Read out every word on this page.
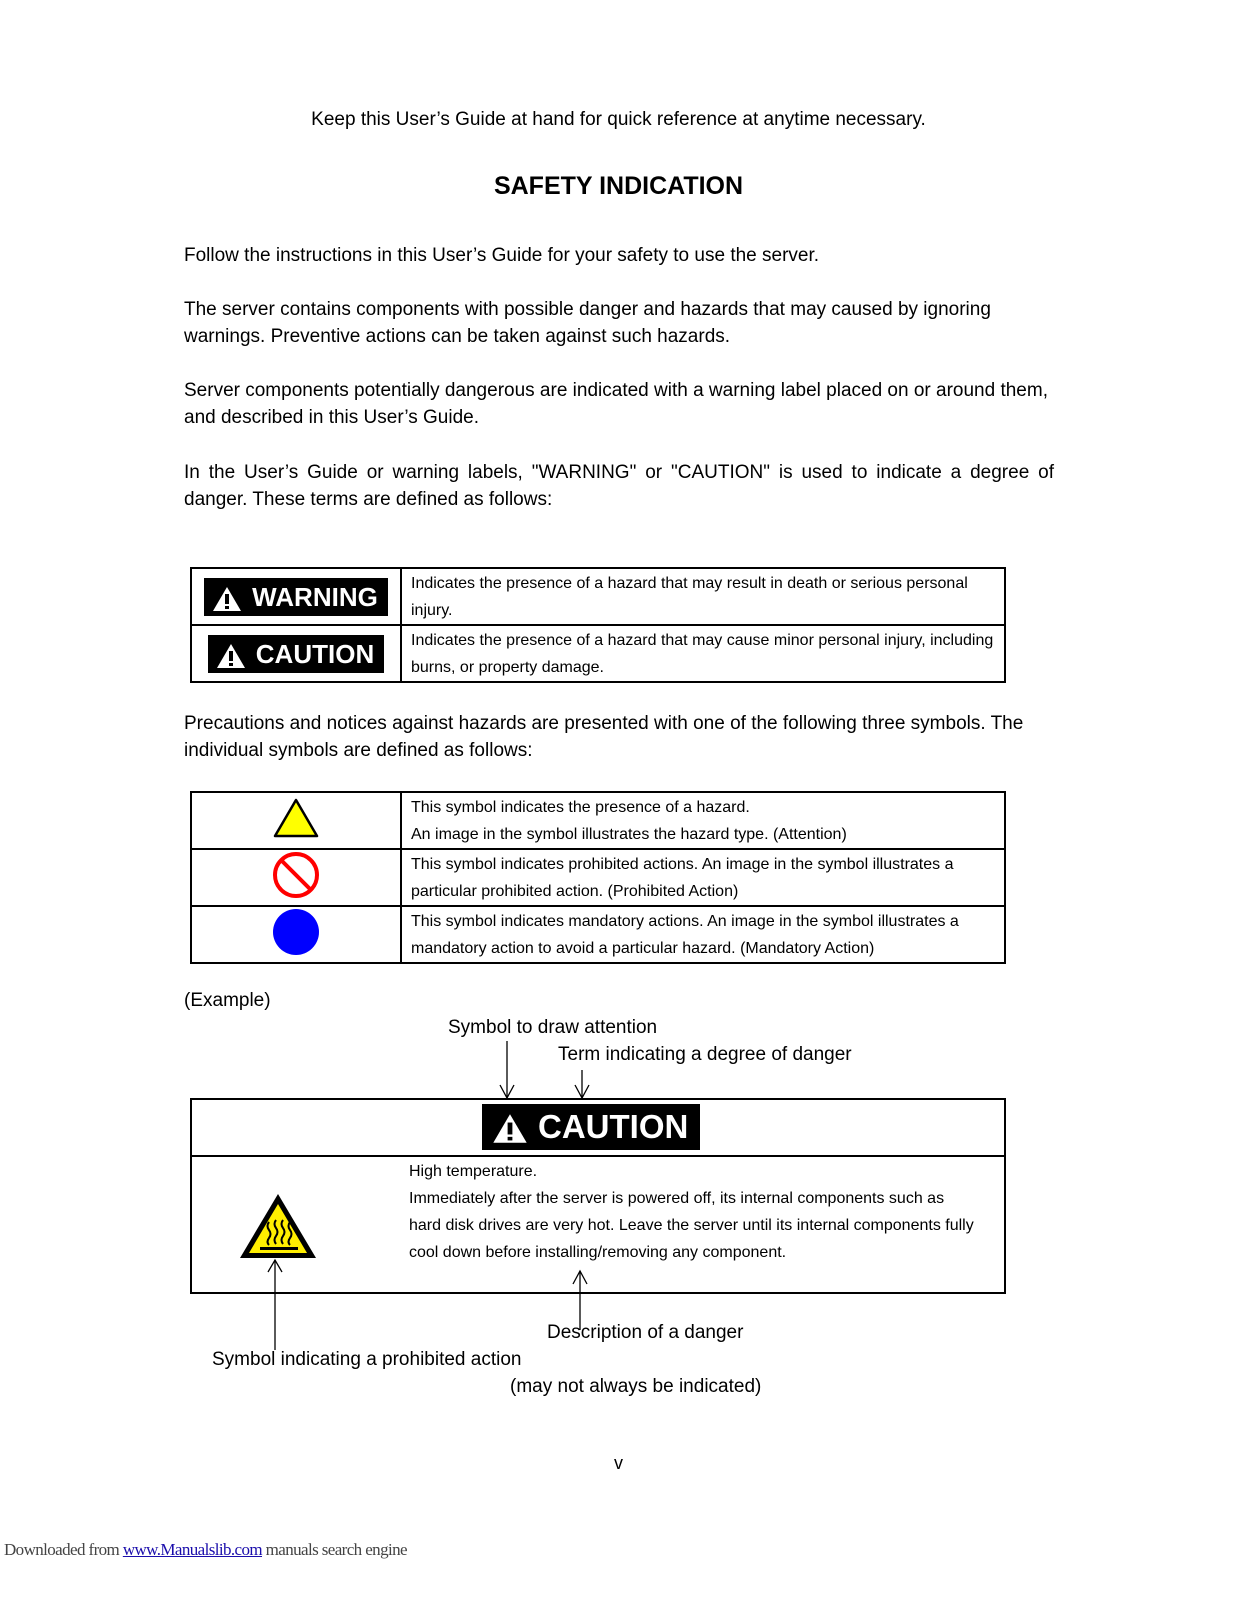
Keep this User’s Guide at hand for quick reference at anytime necessary.
SAFETY INDICATION

Follow the instructions in this User’s Guide for your safety to use the server.

The server contains components with possible danger and hazards that may caused by ignoring warnings. Preventive actions can be taken against such hazards.

Server components potentially dangerous are indicated with a warning label placed on or around them, and described in this User’s Guide.

In the User’s Guide or warning labels, "WARNING" or "CAUTION" is used to indicate a degree of danger. These terms are defined as follows:

WARNING	Indicates the presence of a hazard that may result in death or serious personal injury.
CAUTION	Indicates the presence of a hazard that may cause minor personal injury, including burns, or property damage.

Precautions and notices against hazards are presented with one of the following three symbols. The individual symbols are defined as follows:

This symbol indicates the presence of a hazard.
An image in the symbol illustrates the hazard type. (Attention)

This symbol indicates prohibited actions. An image in the symbol illustrates a
particular prohibited action. (Prohibited Action)

This symbol indicates mandatory actions. An image in the symbol illustrates a
mandatory action to avoid a particular hazard. (Mandatory Action)
(Example)
Symbol to draw attention
Term indicating a degree of danger
CAUTION
High temperature.
Immediately after the server is powered off, its internal components such as
hard disk drives are very hot. Leave the server until its internal components fully
cool down before installing/removing any component.
Description of a danger
Symbol indicating a prohibited action
(may not always be indicated)
v
Downloaded from www.Manualslib.com manuals search engine
